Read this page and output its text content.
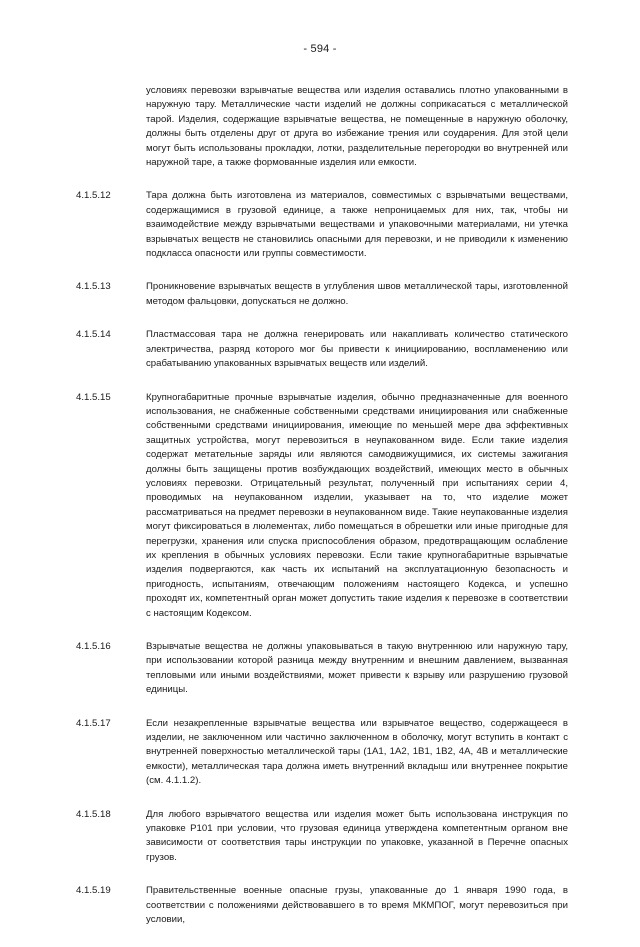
- 594 -
условиях перевозки взрывчатые вещества или изделия оставались плотно упакованными в наружную тару. Металлические части изделий не должны соприкасаться с металлической тарой. Изделия, содержащие взрывчатые вещества, не помещенные в наружную оболочку, должны быть отделены друг от друга во избежание трения или соударения. Для этой цели могут быть использованы прокладки, лотки, разделительные перегородки во внутренней или наружной таре, а также формованные изделия или емкости.
4.1.5.12	Тара должна быть изготовлена из материалов, совместимых с взрывчатыми веществами, содержащимися в грузовой единице, а также непроницаемых для них, так, чтобы ни взаимодействие между взрывчатыми веществами и упаковочными материалами, ни утечка взрывчатых веществ не становились опасными для перевозки, и не приводили к изменению подкласса опасности или группы совместимости.
4.1.5.13	Проникновение взрывчатых веществ в углубления швов металлической тары, изготовленной методом фальцовки, допускаться не должно.
4.1.5.14	Пластмассовая тара не должна генерировать или накапливать количество статического электричества, разряд которого мог бы привести к инициированию, воспламенению или срабатыванию упакованных взрывчатых веществ или изделий.
4.1.5.15	Крупногабаритные прочные взрывчатые изделия, обычно предназначенные для военного использования, не снабженные собственными средствами инициирования или снабженные собственными средствами инициирования, имеющие по меньшей мере два эффективных защитных устройства, могут перевозиться в неупакованном виде. Если такие изделия содержат метательные заряды или являются самодвижущимися, их системы зажигания должны быть защищены против возбуждающих воздействий, имеющих место в обычных условиях перевозки. Отрицательный результат, полученный при испытаниях серии 4, проводимых на неупакованном изделии, указывает на то, что изделие может рассматриваться на предмет перевозки в неупакованном виде. Такие неупакованные изделия могут фиксироваться в люлементах, либо помещаться в обрешетки или иные пригодные для перегрузки, хранения или спуска приспособления образом, предотвращающим ослабление их крепления в обычных условиях перевозки. Если такие крупногабаритные взрывчатые изделия подвергаются, как часть их испытаний на эксплуатационную безопасность и пригодность, испытаниям, отвечающим положениям настоящего Кодекса, и успешно проходят их, компетентный орган может допустить такие изделия к перевозке в соответствии с настоящим Кодексом.
4.1.5.16	Взрывчатые вещества не должны упаковываться в такую внутреннюю или наружную тару, при использовании которой разница между внутренним и внешним давлением, вызванная тепловыми или иными воздействиями, может привести к взрыву или разрушению грузовой единицы.
4.1.5.17	Если незакрепленные взрывчатые вещества или взрывчатое вещество, содержащееся в изделии, не заключенном или частично заключенном в оболочку, могут вступить в контакт с внутренней поверхностью металлической тары (1A1, 1A2, 1B1, 1B2, 4A, 4B и металлические емкости), металлическая тара должна иметь внутренний вкладыш или внутреннее покрытие (см. 4.1.1.2).
4.1.5.18	Для любого взрывчатого вещества или изделия может быть использована инструкция по упаковке P101 при условии, что грузовая единица утверждена компетентным органом вне зависимости от соответствия тары инструкции по упаковке, указанной в Перечне опасных грузов.
4.1.5.19	Правительственные военные опасные грузы, упакованные до 1 января 1990 года, в соответствии с положениями действовавшего в то время МКМПОГ, могут перевозиться при условии,
